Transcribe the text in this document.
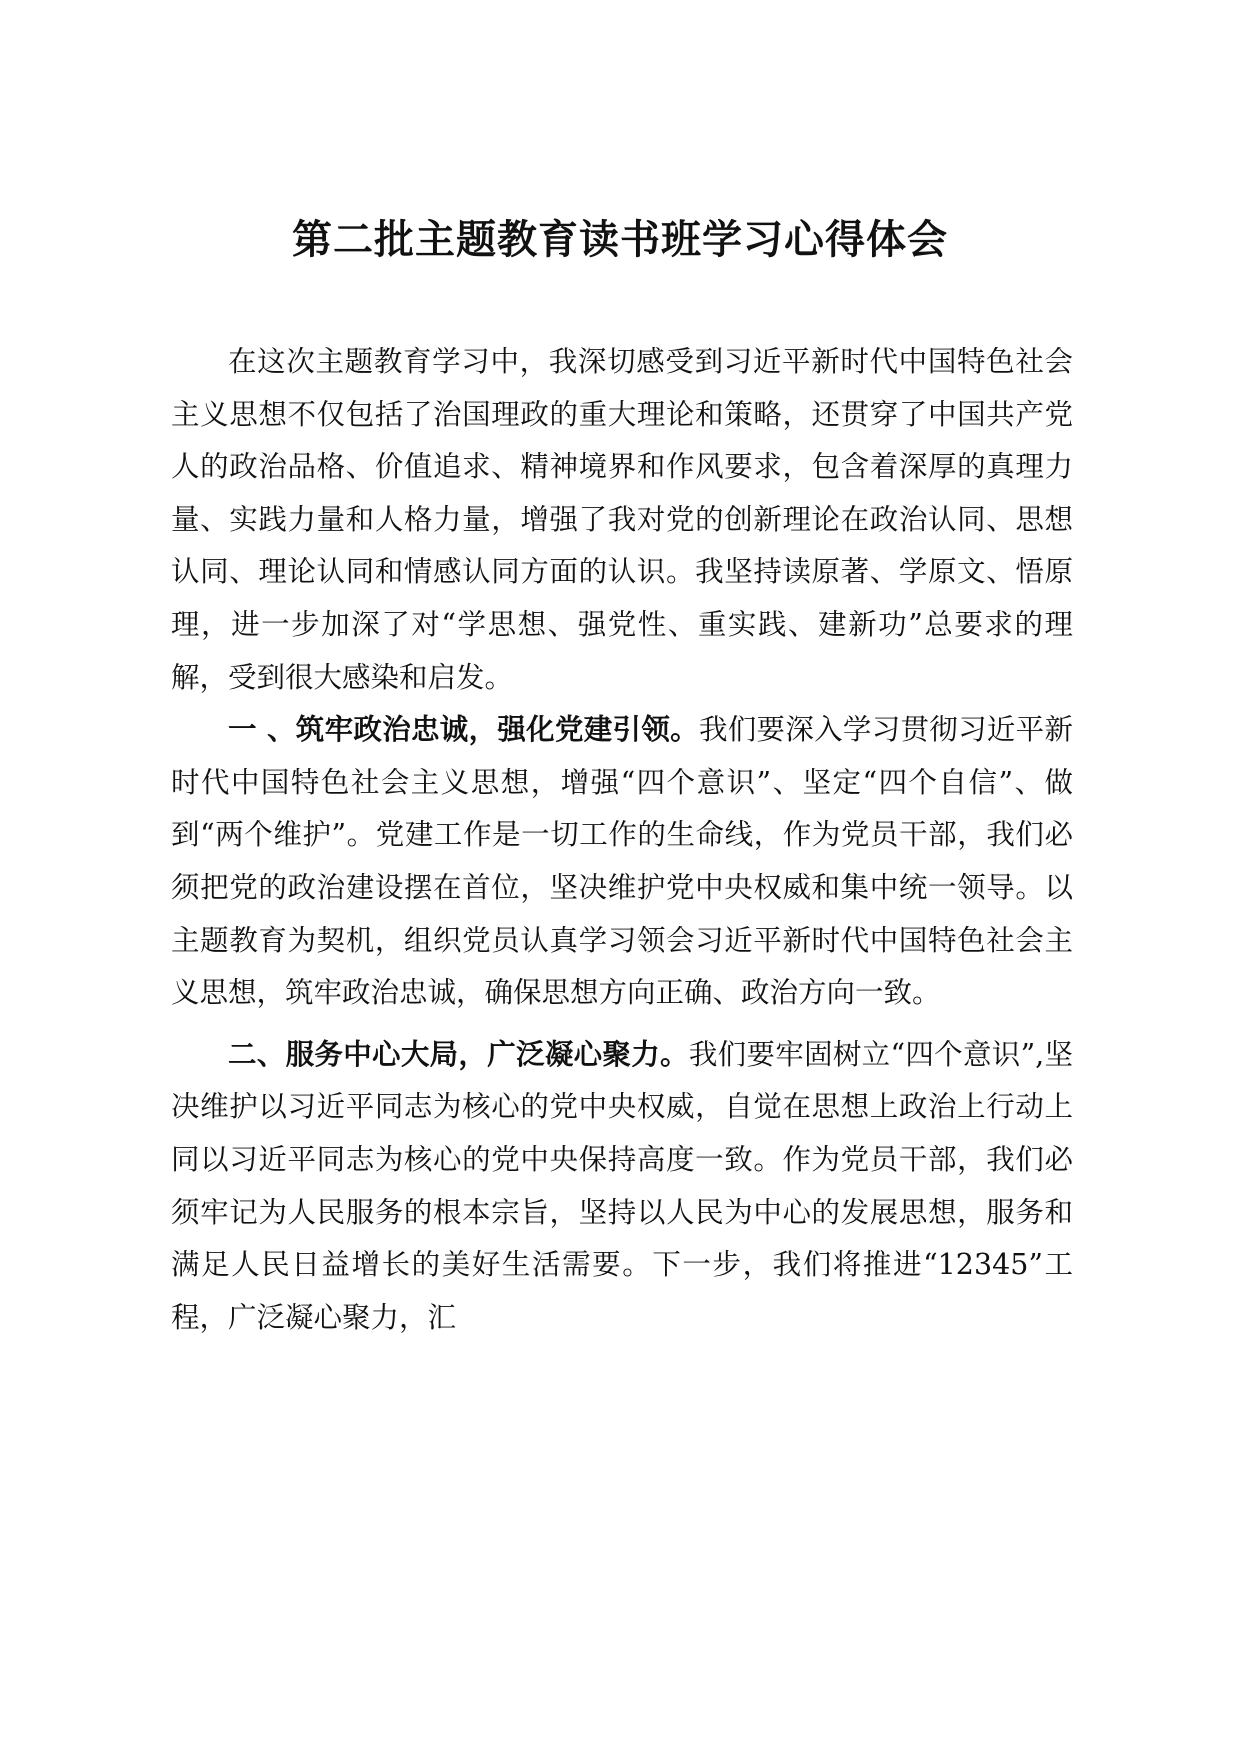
第二批主题教育读书班学习心得体会

在这次主题教育学习中，我深切感受到习近平新时代中国特色社会主义思想不仅包括了治国理政的重大理论和策略，还贯穿了中国共产党人的政治品格、价值追求、精神境界和作风要求，包含着深厚的真理力量、实践力量和人格力量，增强了我对党的创新理论在政治认同、思想认同、理论认同和情感认同方面的认识。我坚持读原著、学原文、悟原理，进一步加深了对“学思想、强党性、重实践、建新功”总要求的理解，受到很大感染和启发。

一 、筑牢政治忠诚，强化党建引领。我们要深入学习贯彻习近平新时代中国特色社会主义思想，增强“四个意识”、坚定“四个自信”、做到“两个维护”。党建工作是一切工作的生命线，作为党员干部，我们必须把党的政治建设摆在首位，坚决维护党中央权威和集中统一领导。以主题教育为契机，组织党员认真学习领会习近平新时代中国特色社会主义思想，筑牢政治忠诚，确保思想方向正确、政治方向一致。

二、服务中心大局，广泛凝心聚力。我们要牢固树立“四个意识”,坚决维护以习近平同志为核心的党中央权威，自觉在思想上政治上行动上同以习近平同志为核心的党中央保持高度一致。作为党员干部，我们必须牢记为人民服务的根本宗旨，坚持以人民为中心的发展思想，服务和满足人民日益增长的美好生活需要。下一步，我们将推进“12345”工程，广泛凝心聚力，汇
